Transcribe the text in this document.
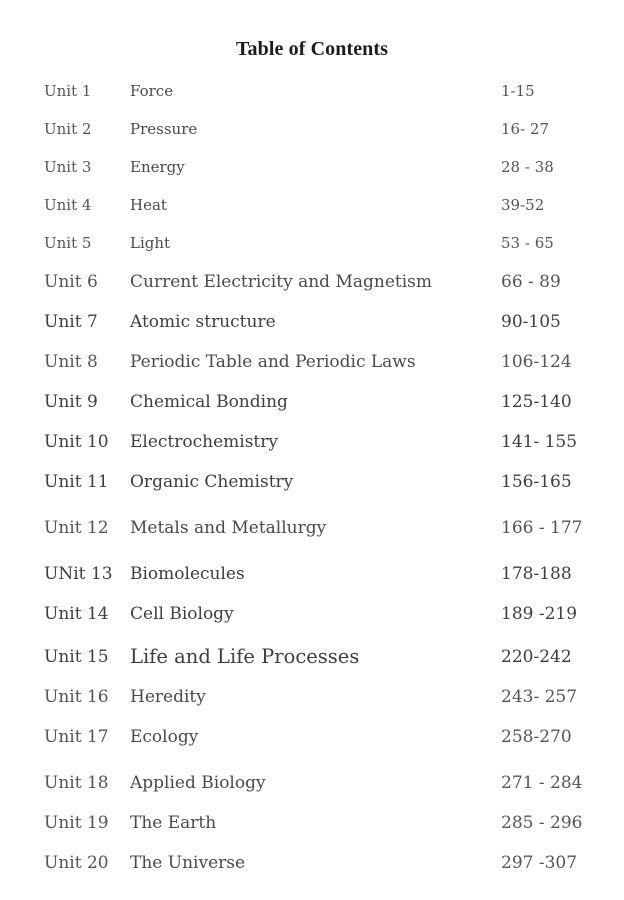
Table of Contents
Unit 1	Force	1-15
Unit 2	Pressure	16- 27
Unit 3	Energy	28 - 38
Unit 4	Heat	39-52
Unit 5	Light	53 - 65
Unit 6 Current Electricity and Magnetism	66 - 89
Unit 7 Atomic structure	90-105
Unit 8 Periodic Table and Periodic Laws	106-124
Unit 9 Chemical Bonding	125-140
Unit 10 Electrochemistry	141- 155
Unit 11 Organic Chemistry	156-165
Unit 12 Metals and Metallurgy	166 - 177
UNit 13 Biomolecules	178-188
Unit 14 Cell Biology	189 -219
Unit 15 Life and Life Processes	220-242
Unit 16 Heredity	243- 257
Unit 17 Ecology	258-270
Unit 18 Applied Biology	271 - 284
Unit 19 The Earth	285 - 296
Unit 20 The Universe	297 -307
